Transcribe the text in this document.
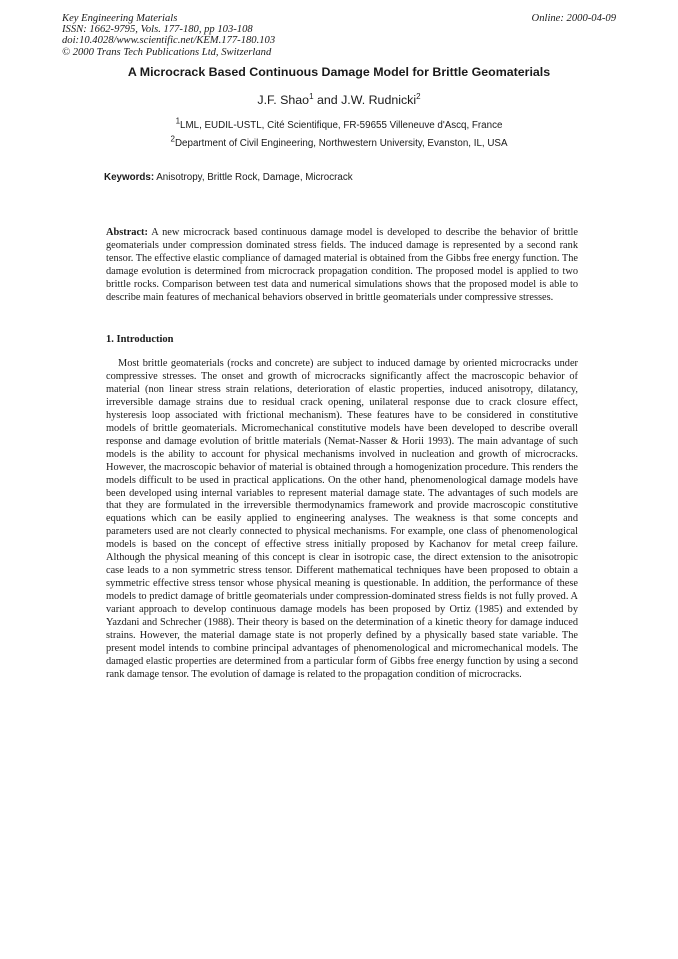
Key Engineering Materials
ISSN: 1662-9795, Vols. 177-180, pp 103-108
doi:10.4028/www.scientific.net/KEM.177-180.103
© 2000 Trans Tech Publications Ltd, Switzerland
Online: 2000-04-09
A Microcrack Based Continuous Damage Model for Brittle Geomaterials
J.F. Shao$^1$ and J.W. Rudnicki$^2$
$^1$LML, EUDIL-USTL, Cité Scientifique, FR-59655 Villeneuve d'Ascq, France
$^2$Department of Civil Engineering, Northwestern University, Evanston, IL, USA
Keywords: Anisotropy, Brittle Rock, Damage, Microcrack
Abstract: A new microcrack based continuous damage model is developed to describe the behavior of brittle geomaterials under compression dominated stress fields. The induced damage is represented by a second rank tensor. The effective elastic compliance of damaged material is obtained from the Gibbs free energy function. The damage evolution is determined from microcrack propagation condition. The proposed model is applied to two brittle rocks. Comparison between test data and numerical simulations shows that the proposed model is able to describe main features of mechanical behaviors observed in brittle geomaterials under compressive stresses.
1. Introduction
Most brittle geomaterials (rocks and concrete) are subject to induced damage by oriented microcracks under compressive stresses. The onset and growth of microcracks significantly affect the macroscopic behavior of material (non linear stress strain relations, deterioration of elastic properties, induced anisotropy, dilatancy, irreversible damage strains due to residual crack opening, unilateral response due to crack closure effect, hysteresis loop associated with frictional mechanism). These features have to be considered in constitutive models of brittle geomaterials. Micromechanical constitutive models have been developed to describe overall response and damage evolution of brittle materials (Nemat-Nasser & Horii 1993). The main advantage of such models is the ability to account for physical mechanisms involved in nucleation and growth of microcracks. However, the macroscopic behavior of material is obtained through a homogenization procedure. This renders the models difficult to be used in practical applications. On the other hand, phenomenological damage models have been developed using internal variables to represent material damage state. The advantages of such models are that they are formulated in the irreversible thermodynamics framework and provide macroscopic constitutive equations which can be easily applied to engineering analyses. The weakness is that some concepts and parameters used are not clearly connected to physical mechanisms. For example, one class of phenomenological models is based on the concept of effective stress initially proposed by Kachanov for metal creep failure. Although the physical meaning of this concept is clear in isotropic case, the direct extension to the anisotropic case leads to a non symmetric stress tensor. Different mathematical techniques have been proposed to obtain a symmetric effective stress tensor whose physical meaning is questionable. In addition, the performance of these models to predict damage of brittle geomaterials under compression-dominated stress fields is not fully proved. A variant approach to develop continuous damage models has been proposed by Ortiz (1985) and extended by Yazdani and Schrecher (1988). Their theory is based on the determination of a kinetic theory for damage induced strains. However, the material damage state is not properly defined by a physically based state variable. The present model intends to combine principal advantages of phenomenological and micromechanical models. The damaged elastic properties are determined from a particular form of Gibbs free energy function by using a second rank damage tensor. The evolution of damage is related to the propagation condition of microcracks.
